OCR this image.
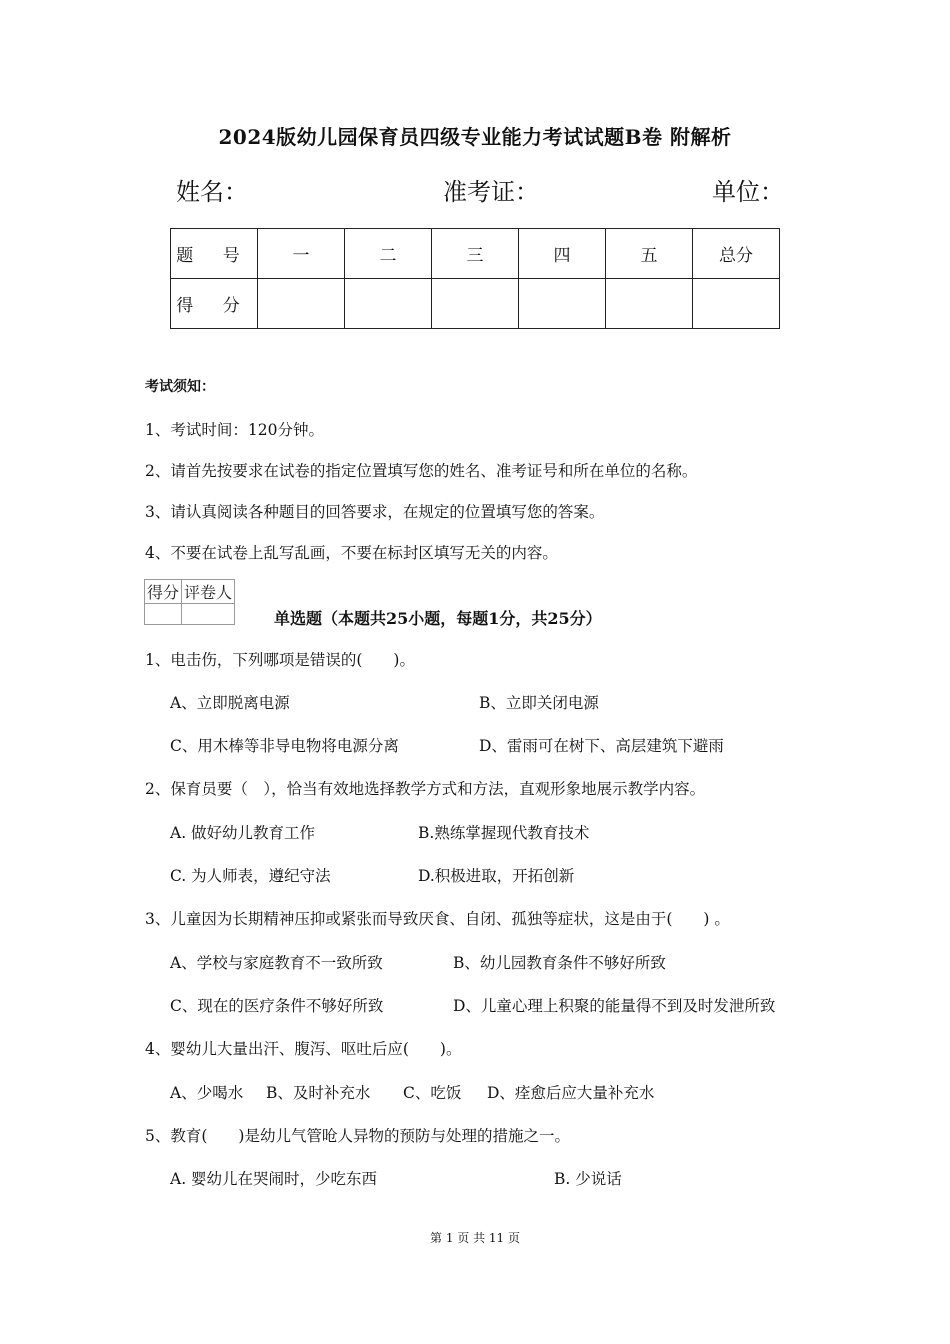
2024版幼儿园保育员四级专业能力考试试题B卷 附解析
姓名：	准考证：	单位：
题 号	一	二	三	四	五	总分
得 分						
考试须知：
1、考试时间：120分钟。
2、请首先按要求在试卷的指定位置填写您的姓名、准考证号和所在单位的名称。
3、请认真阅读各种题目的回答要求，在规定的位置填写您的答案。
4、不要在试卷上乱写乱画，不要在标封区填写无关的内容。
得分	评卷人

单选题（本题共25小题，每题1分，共25分）
1、电击伤，下列哪项是错误的(　　)。
A、立即脱离电源	B、立即关闭电源
C、用木棒等非导电物将电源分离	D、雷雨可在树下、高层建筑下避雨
2、保育员要（　），恰当有效地选择教学方式和方法，直观形象地展示教学内容。
A. 做好幼儿教育工作	B.熟练掌握现代教育技术
C. 为人师表，遵纪守法	D.积极进取，开拓创新
3、儿童因为长期精神压抑或紧张而导致厌食、自闭、孤独等症状，这是由于(　　) 。
A、学校与家庭教育不一致所致	B、幼儿园教育条件不够好所致
C、现在的医疗条件不够好所致	D、儿童心理上积聚的能量得不到及时发泄所致
4、婴幼儿大量出汗、腹泻、呕吐后应(　　)。
A、少喝水 B、及时补充水 C、吃饭 D、痊愈后应大量补充水
5、教育(　　)是幼儿气管呛人异物的预防与处理的措施之一。
A. 婴幼儿在哭闹时，少吃东西	B. 少说话
第 1 页 共 11 页
